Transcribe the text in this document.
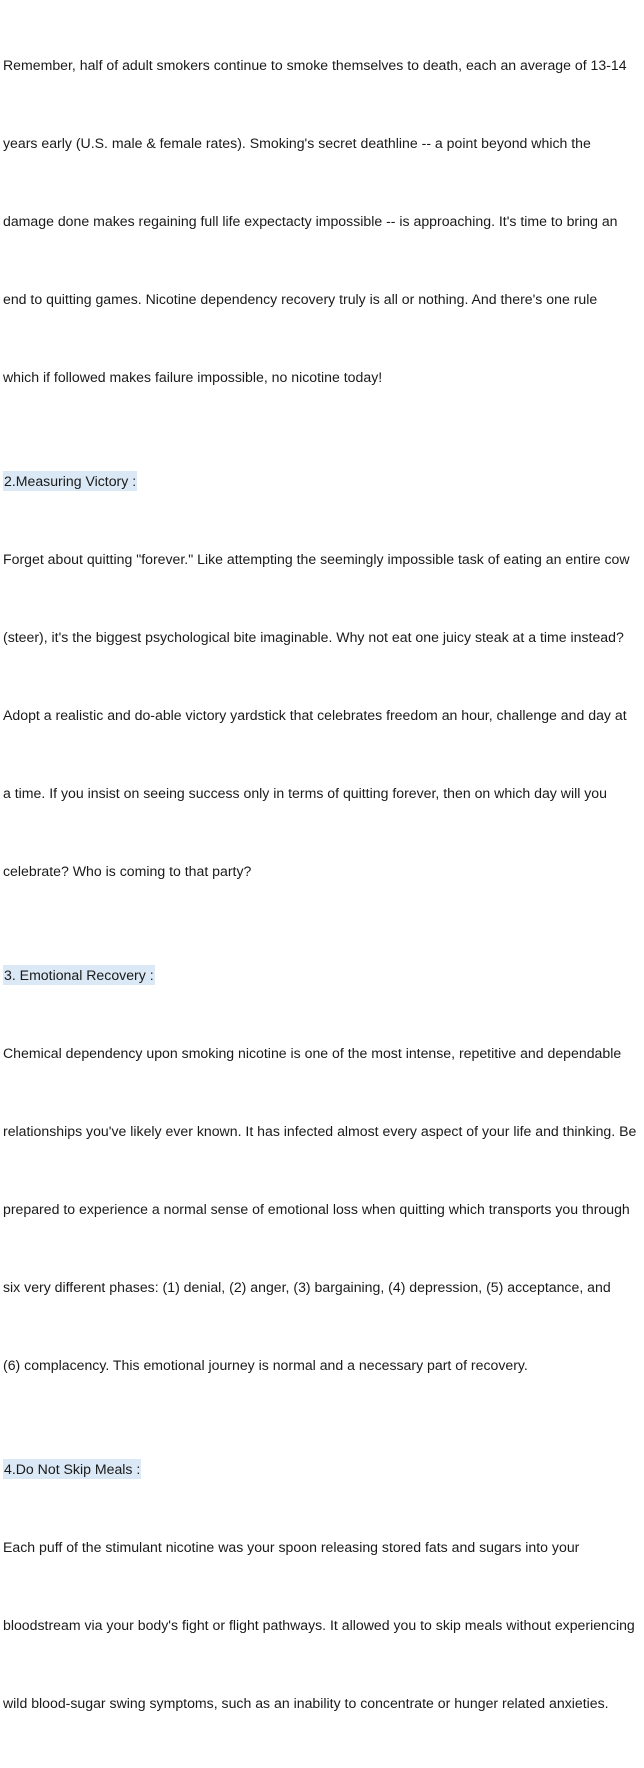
Remember, half of adult smokers continue to smoke themselves to death, each an average of 13-14

years early (U.S. male & female rates). Smoking's secret deathline -- a point beyond which the

damage done makes regaining full life expectacty impossible -- is approaching. It's time to bring an

end to quitting games. Nicotine dependency recovery truly is all or nothing. And there's one rule

which if followed makes failure impossible, no nicotine today!

2.Measuring Victory :

Forget about quitting "forever." Like attempting the seemingly impossible task of eating an entire cow

(steer), it's the biggest psychological bite imaginable. Why not eat one juicy steak at a time instead?

Adopt a realistic and do-able victory yardstick that celebrates freedom an hour, challenge and day at

a time. If you insist on seeing success only in terms of quitting forever, then on which day will you

celebrate? Who is coming to that party?

3. Emotional Recovery :

Chemical dependency upon smoking nicotine is one of the most intense, repetitive and dependable

relationships you've likely ever known. It has infected almost every aspect of your life and thinking. Be

prepared to experience a normal sense of emotional loss when quitting which transports you through

six very different phases: (1) denial, (2) anger, (3) bargaining, (4) depression, (5) acceptance, and

(6) complacency. This emotional journey is normal and a necessary part of recovery.

4.Do Not Skip Meals :

Each puff of the stimulant nicotine was your spoon releasing stored fats and sugars into your

bloodstream via your body's fight or flight pathways. It allowed you to skip meals without experiencing

wild blood-sugar swing symptoms, such as an inability to concentrate or hunger related anxieties.
